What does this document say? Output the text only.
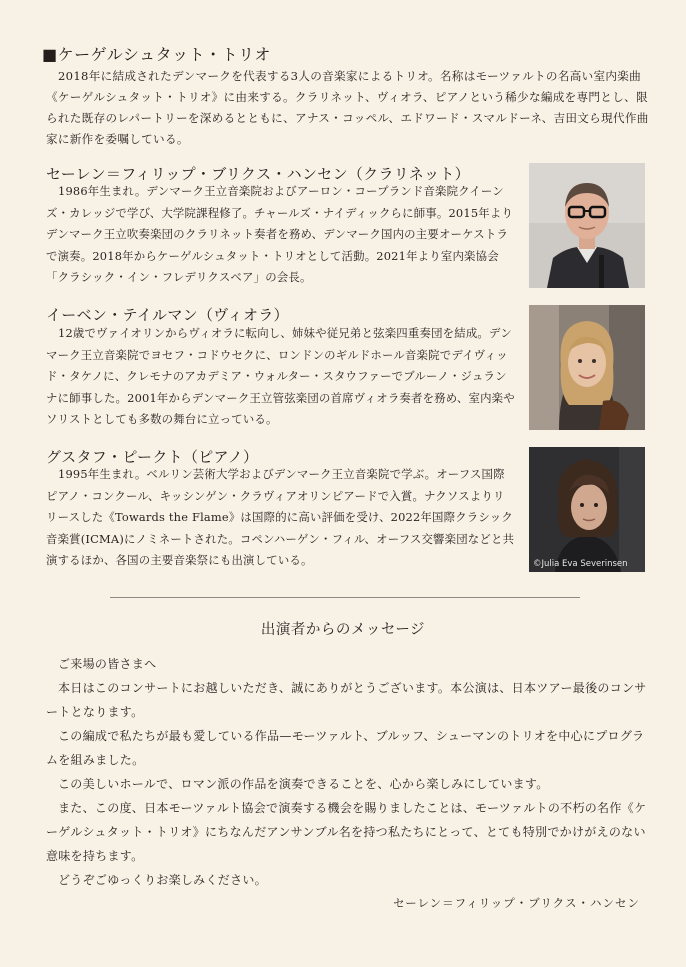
■ケーゲルシュタット・トリオ

2018年に結成されたデンマークを代表する3人の音楽家によるトリオ。名称はモーツァルトの名高い室内楽曲《ケーゲルシュタット・トリオ》に由来する。クラリネット、ヴィオラ、ピアノという稀少な編成を専門とし、限られた既存のレパートリーを深めるとともに、アナス・コッペル、エドワード・スマルドーネ、吉田文ら現代作曲家に新作を委嘱している。

セーレン＝フィリップ・ブリクス・ハンセン（クラリネット）

1986年生まれ。デンマーク王立音楽院およびアーロン・コープランド音楽院クイーンズ・カレッジで学び、大学院課程修了。チャールズ・ナイディックらに師事。2015年よりデンマーク王立吹奏楽団のクラリネット奏者を務め、デンマーク国内の主要オーケストラで演奏。2018年からケーゲルシュタット・トリオとして活動。2021年より室内楽協会「クラシック・イン・フレデリクスベア」の会長。

イーベン・テイルマン（ヴィオラ）

12歳でヴァイオリンからヴィオラに転向し、姉妹や従兄弟と弦楽四重奏団を結成。デンマーク王立音楽院でヨセフ・コドウセクに、ロンドンのギルドホール音楽院でデイヴィッド・タケノに、クレモナのアカデミア・ウォルター・スタウファーでブルーノ・ジュランナに師事した。2001年からデンマーク王立管弦楽団の首席ヴィオラ奏者を務め、室内楽やソリストとしても多数の舞台に立っている。

グスタフ・ピークト（ピアノ）

1995年生まれ。ベルリン芸術大学およびデンマーク王立音楽院で学ぶ。オーフス国際ピアノ・コンクール、キッシンゲン・クラヴィアオリンピアードで入賞。ナクソスよりリリースした《Towards the Flame》は国際的に高い評価を受け、2022年国際クラシック音楽賞(ICMA)にノミネートされた。コペンハーゲン・フィル、オーフス交響楽団などと共演するほか、各国の主要音楽祭にも出演している。	©Julia Eva Severinsen
出演者からのメッセージ

ご来場の皆さまへ

本日はこのコンサートにお越しいただき、誠にありがとうございます。本公演は、日本ツアー最後のコンサートとなります。

この編成で私たちが最も愛している作品—モーツァルト、ブルッフ、シューマンのトリオを中心にプログラムを組みました。

この美しいホールで、ロマン派の作品を演奏できることを、心から楽しみにしています。

また、この度、日本モーツァルト協会で演奏する機会を賜りましたことは、モーツァルトの不朽の名作《ケーゲルシュタット・トリオ》にちなんだアンサンブル名を持つ私たちにとって、とても特別でかけがえのない意味を持ちます。

どうぞごゆっくりお楽しみください。

セーレン＝フィリップ・ブリクス・ハンセン
